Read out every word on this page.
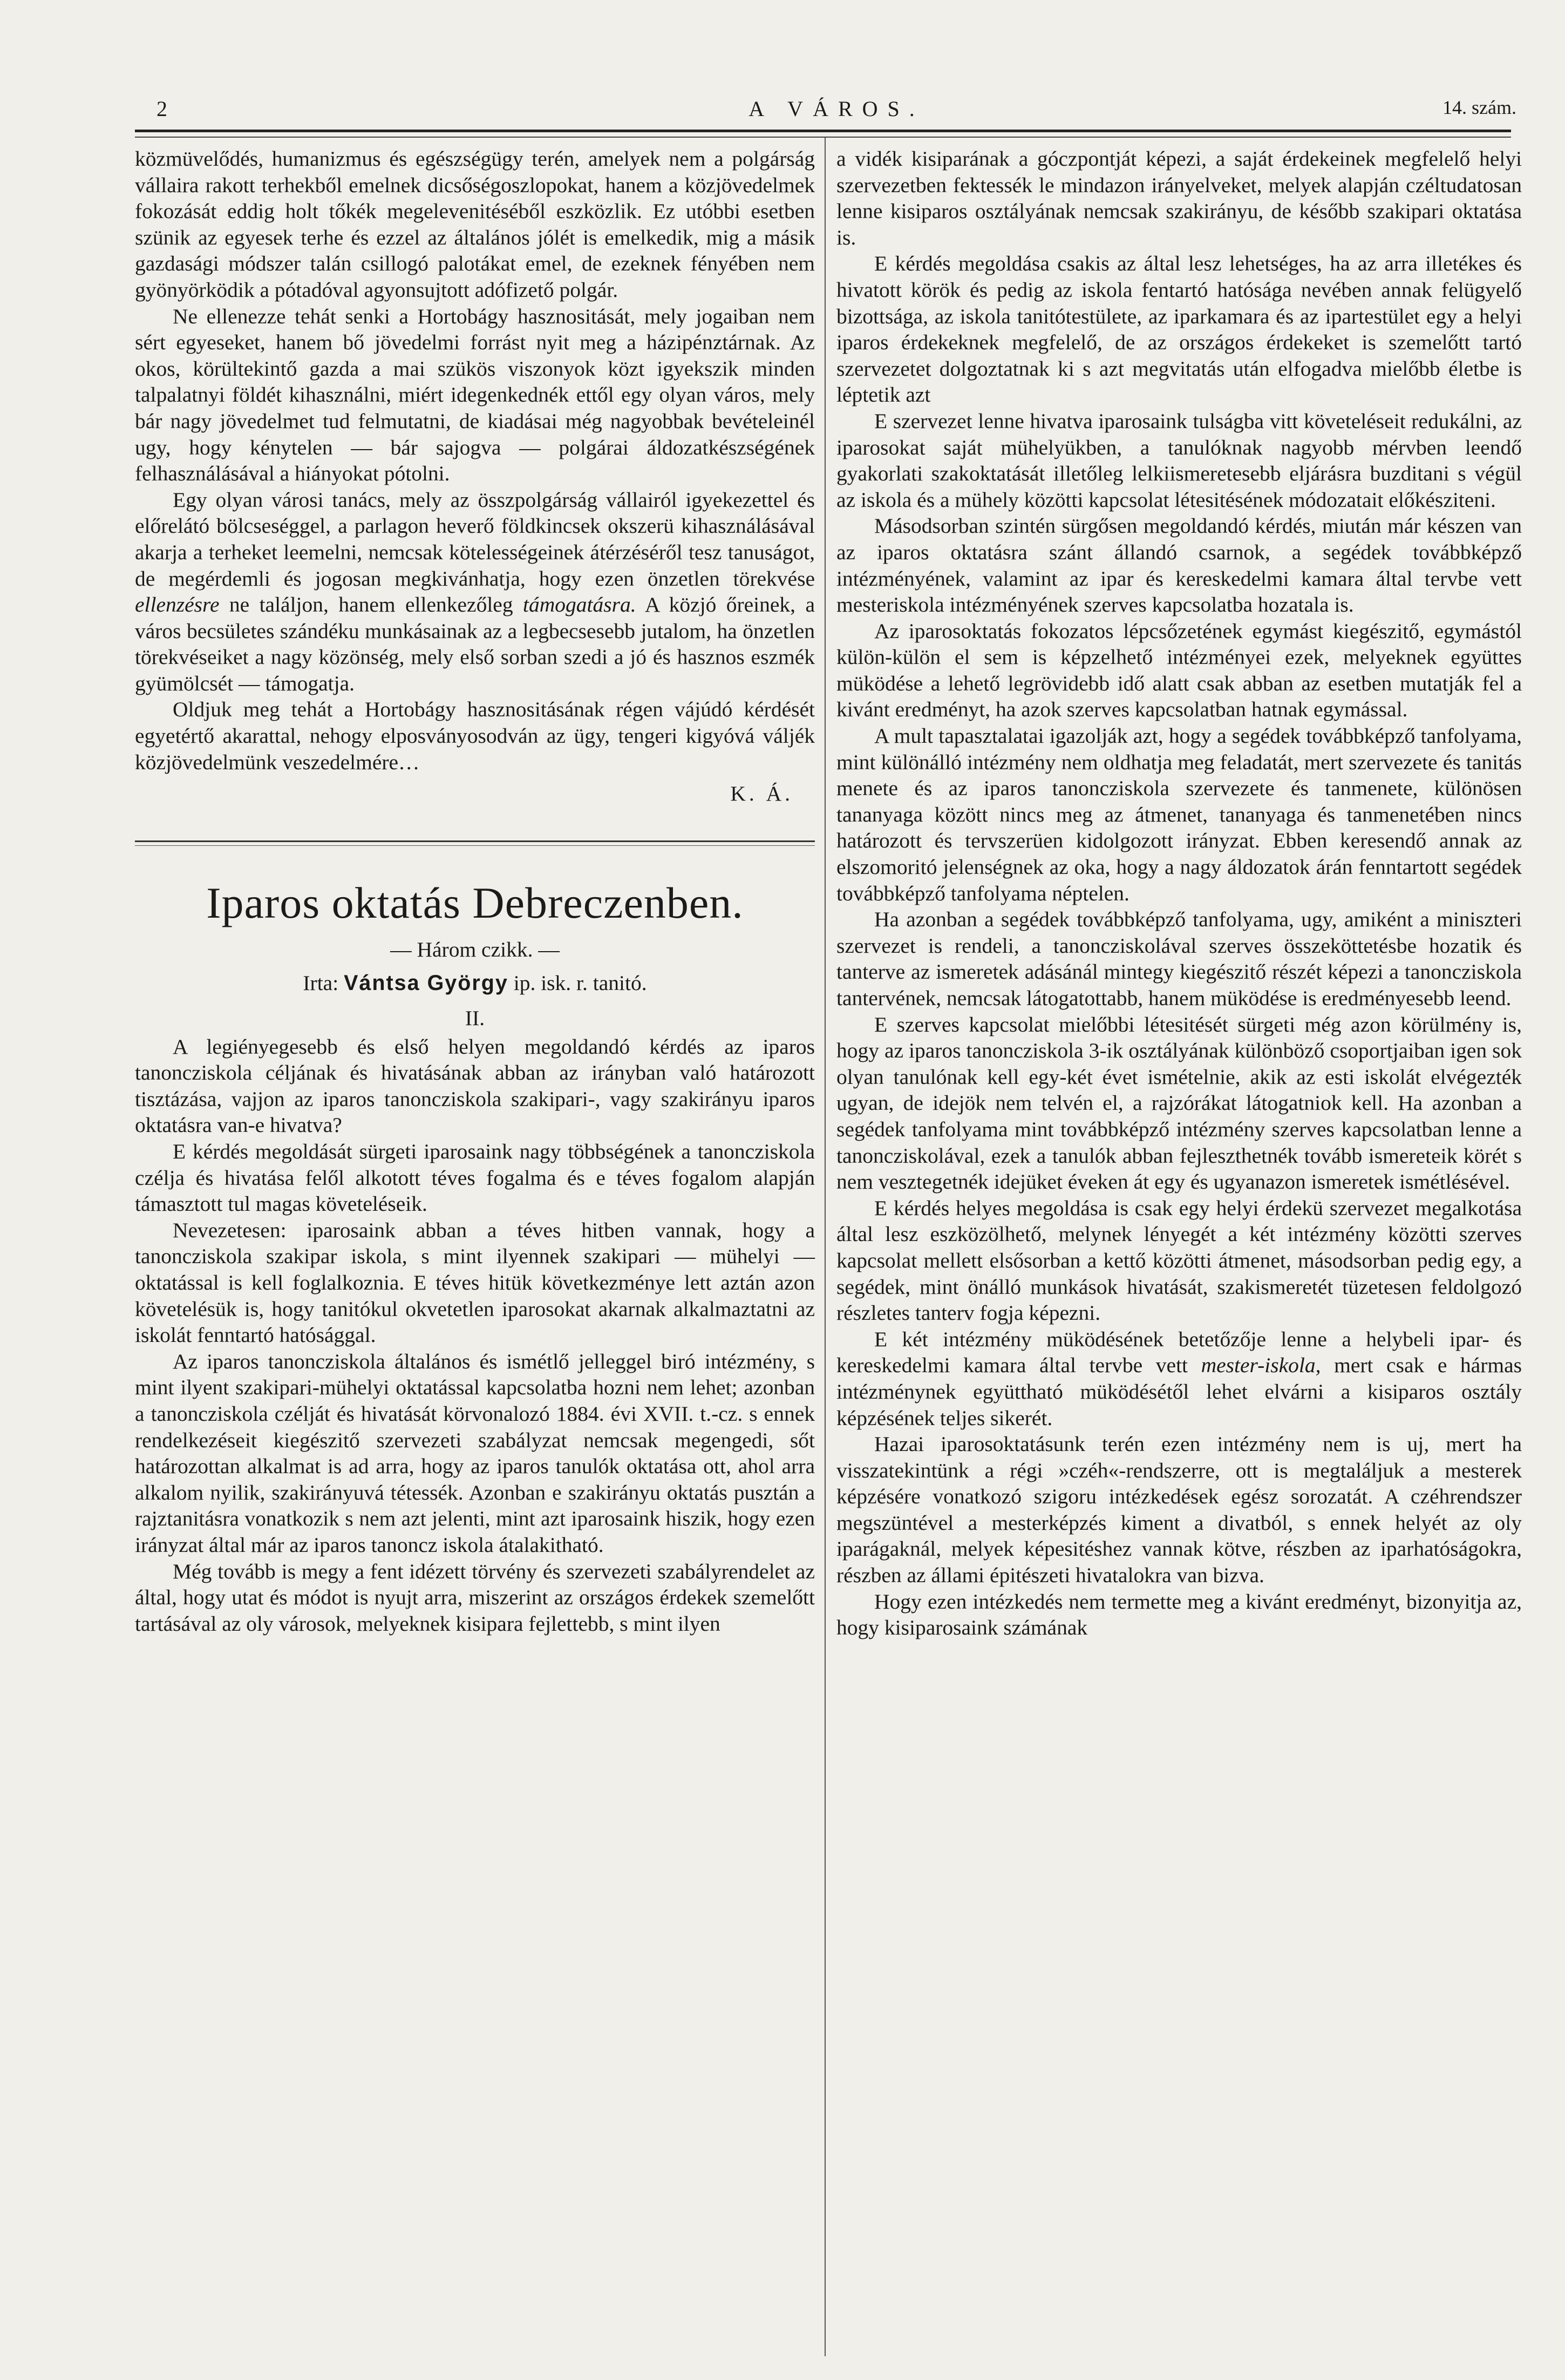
2	A VÁROS.	14. szám.

közmüvelődés, humanizmus és egészségügy terén, amelyek nem a polgárság vállaira rakott terhekből emelnek dicsőségoszlopokat, hanem a közjövedelmek fokozását eddig holt tőkék megelevenitéséből eszközlik. Ez utóbbi esetben szünik az egyesek terhe és ezzel az általános jólét is emelkedik, mig a másik gazdasági módszer talán csillogó palotákat emel, de ezeknek fényében nem gyönyörködik a pótadóval agyonsujtott adófizető polgár.

Ne ellenezze tehát senki a Hortobágy hasznositását, mely jogaiban nem sért egyeseket, hanem bő jövedelmi forrást nyit meg a házipénztárnak. Az okos, körültekintő gazda a mai szükös viszonyok közt igyekszik minden talpalatnyi földét kihasználni, miért idegenkednék ettől egy olyan város, mely bár nagy jövedelmet tud felmutatni, de kiadásai még nagyobbak bevételeinél ugy, hogy kénytelen — bár sajogva — polgárai áldozatkészségének felhasználásával a hiányokat pótolni.

Egy olyan városi tanács, mely az összpolgárság vállairól igyekezettel és előrelátó bölcseséggel, a parlagon heverő földkincsek okszerü kihasználásával akarja a terheket leemelni, nemcsak kötelességeinek átérzéséről tesz tanuságot, de megérdemli és jogosan megkivánhatja, hogy ezen önzetlen törekvése ellenzésre ne találjon, hanem ellenkezőleg támogatásra. A közjó őreinek, a város becsületes szándéku munkásainak az a legbecsesebb jutalom, ha önzetlen törekvéseiket a nagy közönség, mely első sorban szedi a jó és hasznos eszmék gyümölcsét — támogatja.

Oldjuk meg tehát a Hortobágy hasznositásának régen vájúdó kérdését egyetértő akarattal, nehogy elposványosodván az ügy, tengeri kigyóvá váljék közjövedelmünk veszedelmére…

K. Á.
Iparos oktatás Debreczenben.
— Három czikk. —
Irta: Vántsa György ip. isk. r. tanitó.
II.

A legiényegesebb és első helyen megoldandó kérdés az iparos tanoncziskola céljának és hivatásának abban az irányban való határozott tisztázása, vajjon az iparos tanoncziskola szakipari-, vagy szakirányu iparos oktatásra van-e hivatva?

E kérdés megoldását sürgeti iparosaink nagy többségének a tanoncziskola czélja és hivatása felől alkotott téves fogalma és e téves fogalom alapján támasztott tul magas követeléseik.

Nevezetesen: iparosaink abban a téves hitben vannak, hogy a tanoncziskola szakipar iskola, s mint ilyennek szakipari — mühelyi — oktatással is kell foglalkoznia. E téves hitük következménye lett aztán azon követelésük is, hogy tanitókul okvetetlen iparosokat akarnak alkalmaztatni az iskolát fenntartó hatósággal.

Az iparos tanoncziskola általános és ismétlő jelleggel biró intézmény, s mint ilyent szakipari-mühelyi oktatással kapcsolatba hozni nem lehet; azonban a tanoncziskola czélját és hivatását körvonalozó 1884. évi XVII. t.-cz. s ennek rendelkezéseit kiegészitő szervezeti szabályzat nemcsak megengedi, sőt határozottan alkalmat is ad arra, hogy az iparos tanulók oktatása ott, ahol arra alkalom nyilik, szakirányuvá tétessék. Azonban e szakirányu oktatás pusztán a rajztanitásra vonatkozik s nem azt jelenti, mint azt iparosaink hiszik, hogy ezen irányzat által már az iparos tanoncz iskola átalakitható.

Még tovább is megy a fent idézett törvény és szervezeti szabályrendelet az által, hogy utat és módot is nyujt arra, miszerint az országos érdekek szemelőtt tartásával az oly városok, melyeknek kisipara fejlettebb, s mint ilyen

a vidék kisiparának a góczpontját képezi, a saját érdekeinek megfelelő helyi szervezetben fektessék le mindazon irányelveket, melyek alapján czéltudatosan lenne kisiparos osztályának nemcsak szakirányu, de később szakipari oktatása is.

E kérdés megoldása csakis az által lesz lehetséges, ha az arra illetékes és hivatott körök és pedig az iskola fentartó hatósága nevében annak felügyelő bizottsága, az iskola tanitótestülete, az iparkamara és az ipartestület egy a helyi iparos érdekeknek megfelelő, de az országos érdekeket is szemelőtt tartó szervezetet dolgoztatnak ki s azt megvitatás után elfogadva mielőbb életbe is léptetik azt

E szervezet lenne hivatva iparosaink tulságba vitt követeléseit redukálni, az iparosokat saját mühelyükben, a tanulóknak nagyobb mérvben leendő gyakorlati szakoktatását illetőleg lelkiismeretesebb eljárásra buzditani s végül az iskola és a mühely közötti kapcsolat létesitésének módozatait előkésziteni.

Másodsorban szintén sürgősen megoldandó kérdés, miután már készen van az iparos oktatásra szánt állandó csarnok, a segédek továbbképző intézményének, valamint az ipar és kereskedelmi kamara által tervbe vett mesteriskola intézményének szerves kapcsolatba hozatala is.

Az iparosoktatás fokozatos lépcsőzetének egymást kiegészitő, egymástól külön-külön el sem is képzelhető intézményei ezek, melyeknek együttes müködése a lehető legrövidebb idő alatt csak abban az esetben mutatják fel a kivánt eredményt, ha azok szerves kapcsolatban hatnak egymással.

A mult tapasztalatai igazolják azt, hogy a segédek továbbképző tanfolyama, mint különálló intézmény nem oldhatja meg feladatát, mert szervezete és tanitás menete és az iparos tanoncziskola szervezete és tanmenete, különösen tananyaga között nincs meg az átmenet, tananyaga és tanmenetében nincs határozott és tervszerüen kidolgozott irányzat. Ebben keresendő annak az elszomoritó jelenségnek az oka, hogy a nagy áldozatok árán fenntartott segédek továbbképző tanfolyama néptelen.

Ha azonban a segédek továbbképző tanfolyama, ugy, amiként a miniszteri szervezet is rendeli, a tanoncziskolával szerves összeköttetésbe hozatik és tanterve az ismeretek adásánál mintegy kiegészitő részét képezi a tanoncziskola tantervének, nemcsak látogatottabb, hanem müködése is eredményesebb leend.

E szerves kapcsolat mielőbbi létesitését sürgeti még azon körülmény is, hogy az iparos tanoncziskola 3-ik osztályának különböző csoportjaiban igen sok olyan tanulónak kell egy-két évet ismételnie, akik az esti iskolát elvégezték ugyan, de idejök nem telvén el, a rajzórákat látogatniok kell. Ha azonban a segédek tanfolyama mint továbbképző intézmény szerves kapcsolatban lenne a tanoncziskolával, ezek a tanulók abban fejleszthetnék tovább ismereteik körét s nem vesztegetnék idejüket éveken át egy és ugyanazon ismeretek ismétlésével.

E kérdés helyes megoldása is csak egy helyi érdekü szervezet megalkotása által lesz eszközölhető, melynek lényegét a két intézmény közötti szerves kapcsolat mellett elsősorban a kettő közötti átmenet, másodsorban pedig egy, a segédek, mint önálló munkások hivatását, szakismeretét tüzetesen feldolgozó részletes tanterv fogja képezni.

E két intézmény müködésének betetőzője lenne a helybeli ipar- és kereskedelmi kamara által tervbe vett mester-iskola, mert csak e hármas intézménynek együttható müködésétől lehet elvárni a kisiparos osztály képzésének teljes sikerét.

Hazai iparosoktatásunk terén ezen intézmény nem is uj, mert ha visszatekintünk a régi »czéh«-rendszerre, ott is megtaláljuk a mesterek képzésére vonatkozó szigoru intézkedések egész sorozatát. A czéhrendszer megszüntével a mesterképzés kiment a divatból, s ennek helyét az oly iparágaknál, melyek képesitéshez vannak kötve, részben az iparhatóságokra, részben az állami épitészeti hivatalokra van bizva.

Hogy ezen intézkedés nem termette meg a kivánt eredményt, bizonyitja az, hogy kisiparosaink számának
